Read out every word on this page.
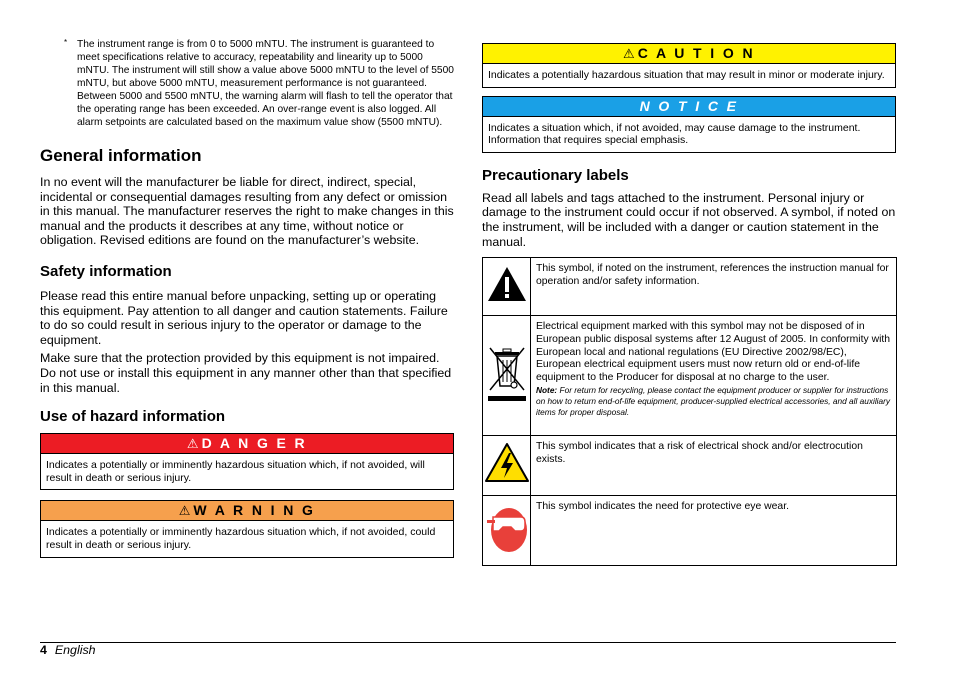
* The instrument range is from 0 to 5000 mNTU. The instrument is guaranteed to meet specifications relative to accuracy, repeatability and linearity up to 5000 mNTU. The instrument will still show a value above 5000 mNTU to the level of 5500 mNTU, but above 5000 mNTU, measurement performance is not guaranteed. Between 5000 and 5500 mNTU, the warning alarm will flash to tell the operator that the operating range has been exceeded. An over-range event is also logged. All alarm setpoints are calculated based on the maximum value show (5500 mNTU).
General information

In no event will the manufacturer be liable for direct, indirect, special, incidental or consequential damages resulting from any defect or omission in this manual. The manufacturer reserves the right to make changes in this manual and the products it describes at any time, without notice or obligation. Revised editions are found on the manufacturer’s website.

Safety information

Please read this entire manual before unpacking, setting up or operating this equipment. Pay attention to all danger and caution statements. Failure to do so could result in serious injury to the operator or damage to the equipment.

Make sure that the protection provided by this equipment is not impaired. Do not use or install this equipment in any manner other than that specified in this manual.

Use of hazard information
⚠ D A N G E R
Indicates a potentially or imminently hazardous situation which, if not avoided, will result in death or serious injury.
⚠ W A R N I N G
Indicates a potentially or imminently hazardous situation which, if not avoided, could result in death or serious injury.
⚠ C A U T I O N
Indicates a potentially hazardous situation that may result in minor or moderate injury.
N O T I C E
Indicates a situation which, if not avoided, may cause damage to the instrument. Information that requires special emphasis.
Precautionary labels

Read all labels and tags attached to the instrument. Personal injury or damage to the instrument could occur if not observed. A symbol, if noted on the instrument, will be included with a danger or caution statement in the manual.

	This symbol, if noted on the instrument, references the instruction manual for operation and/or safety information.

Electrical equipment marked with this symbol may not be disposed of in European public disposal systems after 12 August of 2005. In conformity with European local and national regulations (EU Directive 2002/98/EC), European electrical equipment users must now return old or end-of-life equipment to the Producer for disposal at no charge to the user.
Note: For return for recycling, please contact the equipment producer or supplier for instructions on how to return end-of-life equipment, producer-supplied electrical accessories, and all auxiliary items for proper disposal.

	This symbol indicates that a risk of electrical shock and/or electrocution exists.
	This symbol indicates the need for protective eye wear.
4 English
